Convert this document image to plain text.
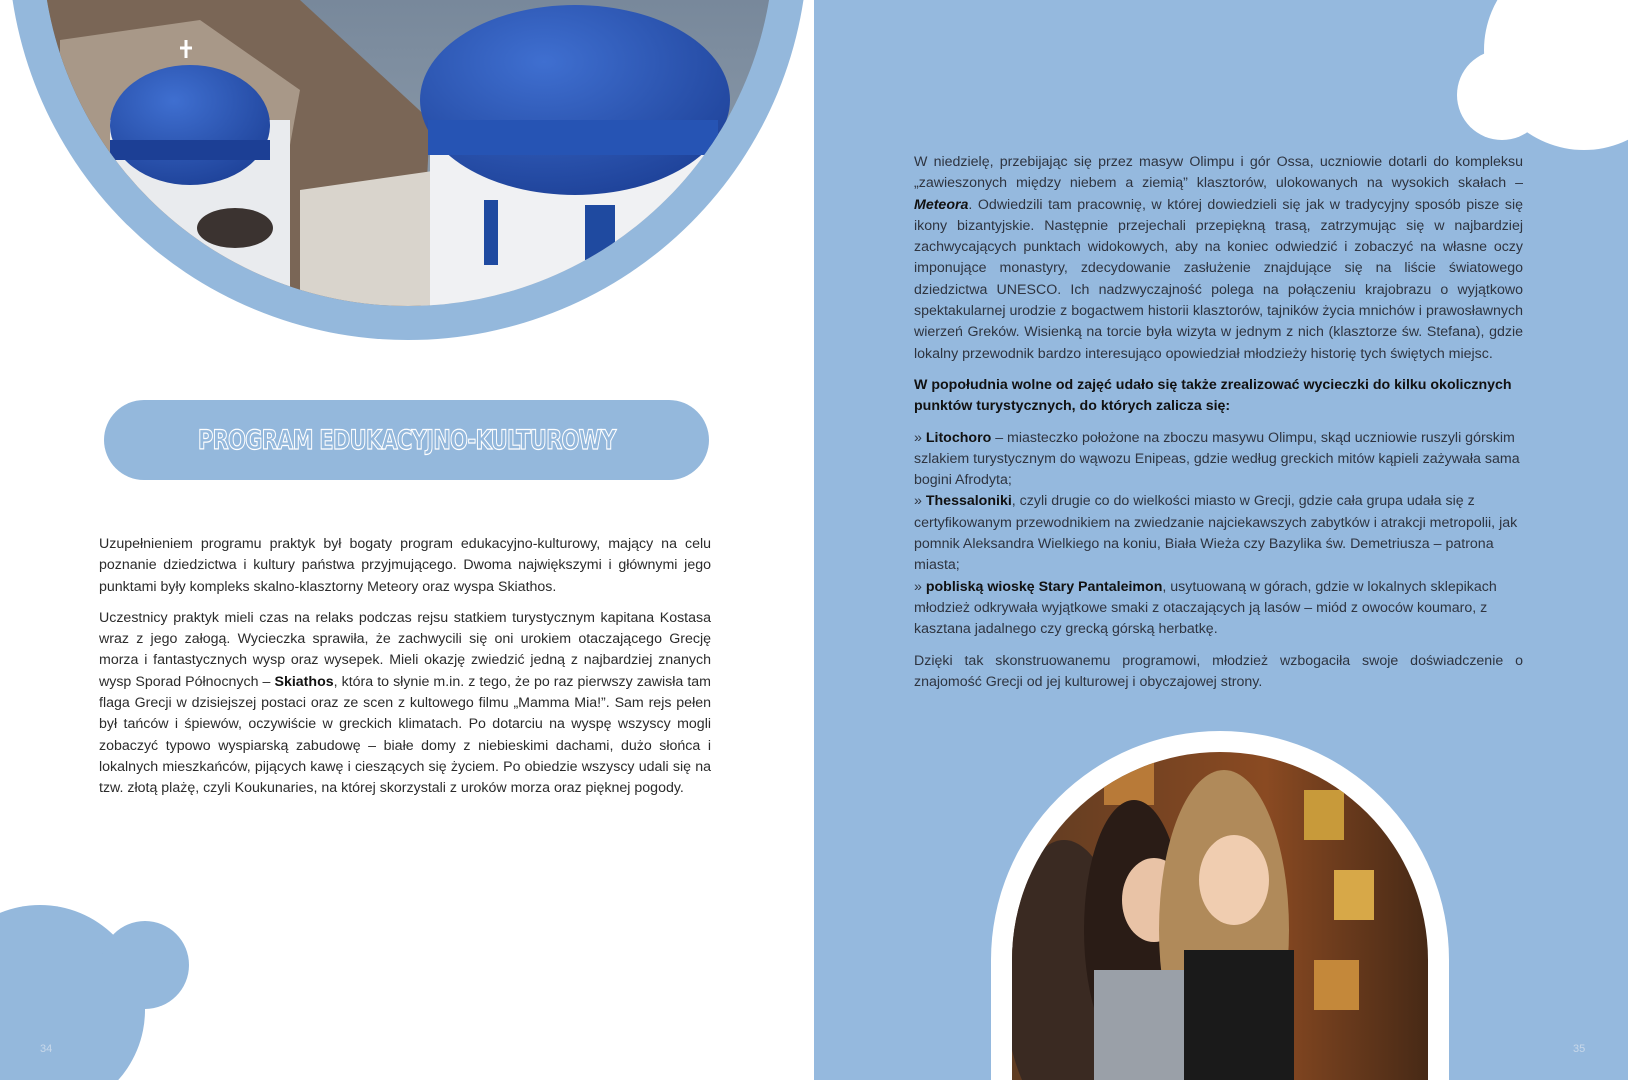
PROGRAM EDUKACYJNO-KULTUROWY

Uzupełnieniem programu praktyk był bogaty program edukacyjno-kulturowy, mający na celu poznanie dziedzictwa i kultury państwa przyjmującego. Dwoma największymi i głównymi jego punktami były kompleks skalno-klasztorny Meteory oraz wyspa Skiathos.

Uczestnicy praktyk mieli czas na relaks podczas rejsu statkiem turystycznym kapitana Kostasa wraz z jego załogą. Wycieczka sprawiła, że zachwycili się oni urokiem otaczającego Grecję morza i fantastycznych wysp oraz wysepek. Mieli okazję zwiedzić jedną z najbardziej znanych wysp Sporad Północnych – Skiathos, która to słynie m.in. z tego, że po raz pierwszy zawisła tam flaga Grecji w dzisiejszej postaci oraz ze scen z kultowego filmu „Mamma Mia!”. Sam rejs pełen był tańców i śpiewów, oczywiście w greckich klimatach. Po dotarciu na wyspę wszyscy mogli zobaczyć typowo wyspiarską zabudowę – białe domy z niebieskimi dachami, dużo słońca i lokalnych mieszkańców, pijących kawę i cieszących się życiem. Po obiedzie wszyscy udali się na tzw. złotą plażę, czyli Koukunaries, na której skorzystali z uroków morza oraz pięknej pogody.

34

W niedzielę, przebijając się przez masyw Olimpu i gór Ossa, uczniowie dotarli do kompleksu „zawieszonych między niebem a ziemią” klasztorów, ulokowanych na wysokich skałach – Meteora. Odwiedzili tam pracownię, w której dowiedzieli się jak w tradycyjny sposób pisze się ikony bizantyjskie. Następnie przejechali przepiękną trasą, zatrzymując się w najbardziej zachwycających punktach widokowych, aby na koniec odwiedzić i zobaczyć na własne oczy imponujące monastyry, zdecydowanie zasłużenie znajdujące się na liście światowego dziedzictwa UNESCO. Ich nadzwyczajność polega na połączeniu krajobrazu o wyjątkowo spektakularnej urodzie z bogactwem historii klasztorów, tajników życia mnichów i prawosławnych wierzeń Greków. Wisienką na torcie była wizyta w jednym z nich (klasztorze św. Stefana), gdzie lokalny przewodnik bardzo interesująco opowiedział młodzieży historię tych świętych miejsc.

W popołudnia wolne od zajęć udało się także zrealizować wycieczki do kilku okolicznych punktów turystycznych, do których zalicza się:

» Litochoro – miasteczko położone na zboczu masywu Olimpu, skąd uczniowie ruszyli górskim szlakiem turystycznym do wąwozu Enipeas, gdzie według greckich mitów kąpieli zażywała sama bogini Afrodyta;
» Thessaloniki, czyli drugie co do wielkości miasto w Grecji, gdzie cała grupa udała się z certyfikowanym przewodnikiem na zwiedzanie najciekawszych zabytków i atrakcji metropolii, jak pomnik Aleksandra Wielkiego na koniu, Biała Wieża czy Bazylika św. Demetriusza – patrona miasta;
» pobliską wioskę Stary Pantaleimon, usytuowaną w górach, gdzie w lokalnych sklepikach młodzież odkrywała wyjątkowe smaki z otaczających ją lasów – miód z owoców koumaro, z kasztana jadalnego czy grecką górską herbatkę.

Dzięki tak skonstruowanemu programowi, młodzież wzbogaciła swoje doświadczenie o znajomość Grecji od jej kulturowej i obyczajowej strony.

35
